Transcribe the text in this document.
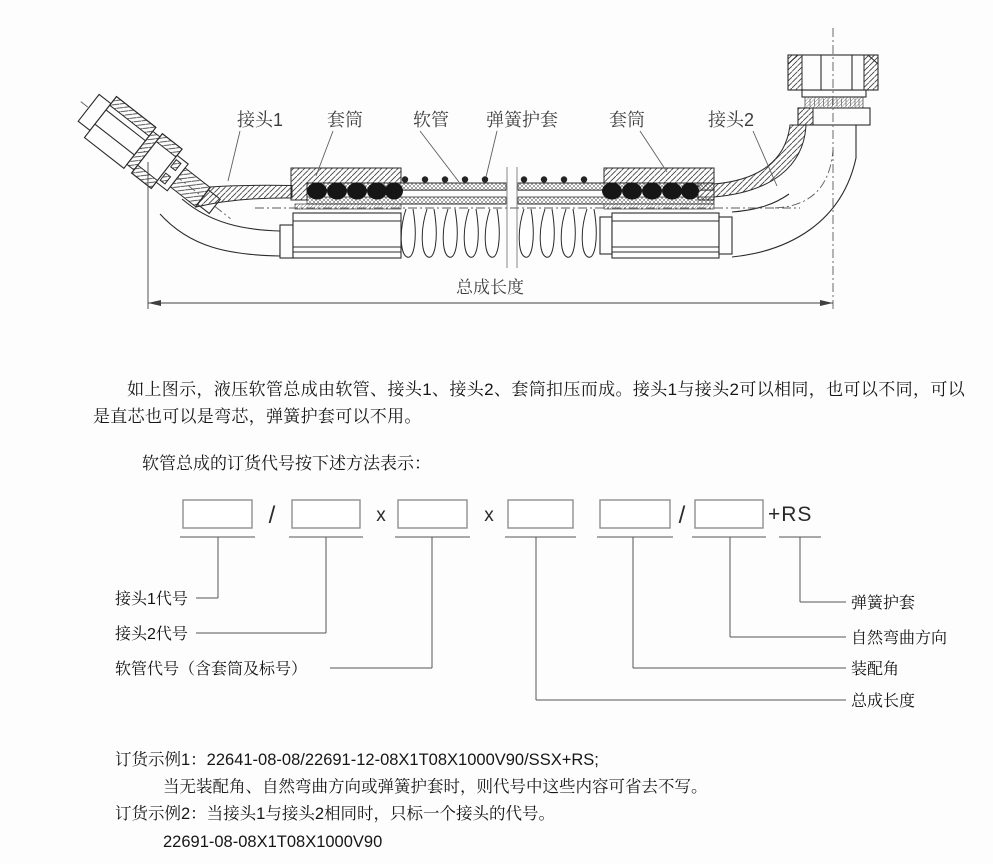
接头1 套筒	软管 弹簧护套	套筒	接头2
总成长度
如上图示，液压软管总成由软管、接头1、接头2、套筒扣压而成。接头1与接头2可以相同，也可以不同，可以是直芯也可以是弯芯，弹簧护套可以不用。
软管总成的订货代号按下述方法表示：
/	x	x	/	+RS
接头1代号
接头2代号
软管代号（含套筒及标号）
弹簧护套
自然弯曲方向
装配角
总成长度
订货示例1：22641-08-08/22691-12-08X1T08X1000V90/SSX+RS;
当无装配角、自然弯曲方向或弹簧护套时，则代号中这些内容可省去不写。
订货示例2：当接头1与接头2相同时，只标一个接头的代号。
22691-08-08X1T08X1000V90
